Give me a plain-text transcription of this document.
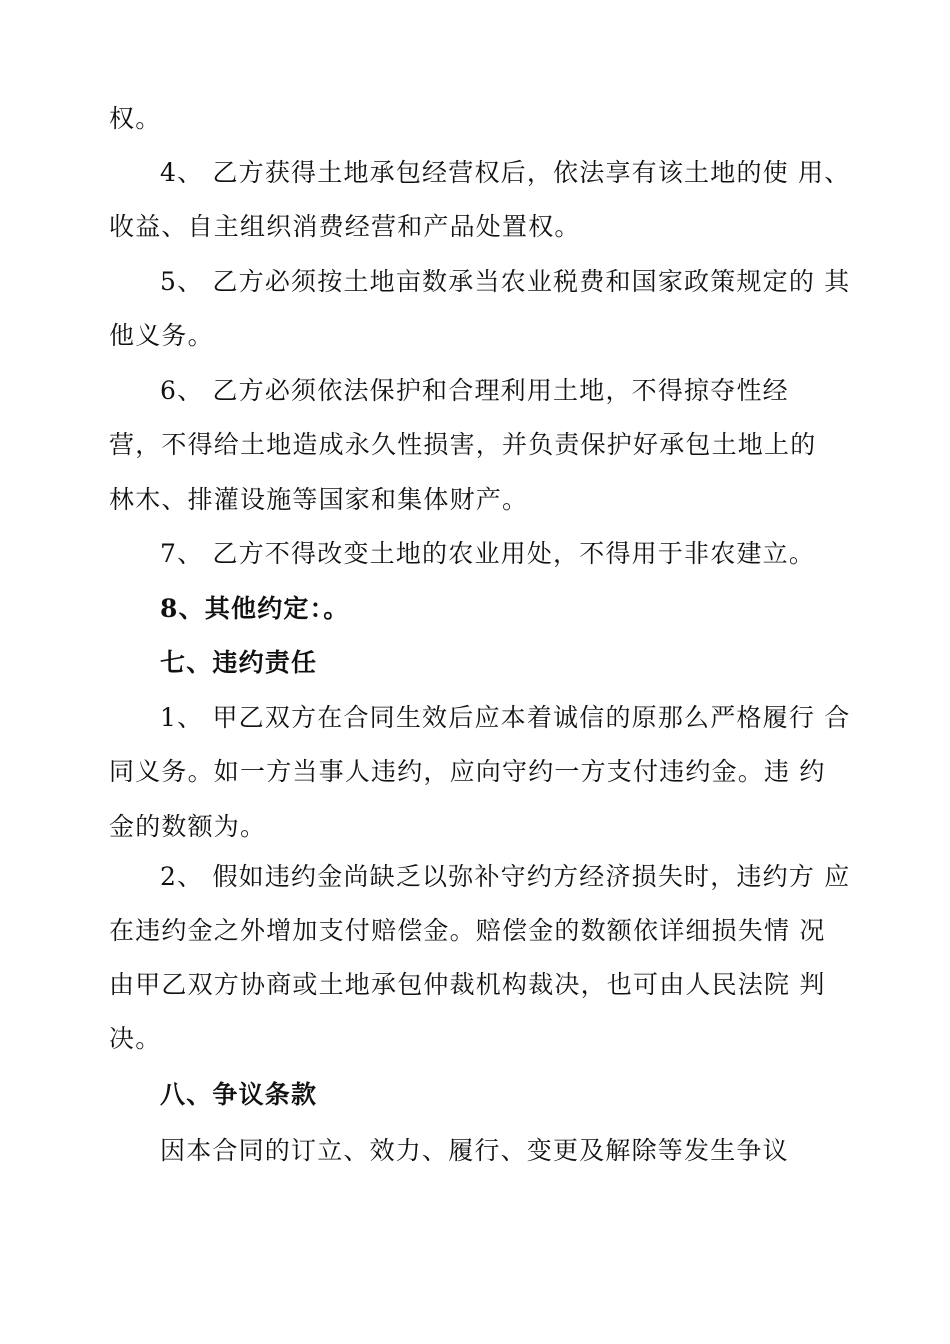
权。
4、 乙方获得土地承包经营权后，依法享有该土地的使 用、
收益、自主组织消费经营和产品处置权。
5、 乙方必须按土地亩数承当农业税费和国家政策规定的 其
他义务。
6、 乙方必须依法保护和合理利用土地，不得掠夺性经
营，不得给土地造成永久性损害，并负责保护好承包土地上的
林木、排灌设施等国家和集体财产。
7、 乙方不得改变土地的农业用处，不得用于非农建立。
8、其他约定：。
七、违约责任
1、 甲乙双方在合同生效后应本着诚信的原那么严格履行 合
同义务。如一方当事人违约，应向守约一方支付违约金。违 约
金的数额为。
2、 假如违约金尚缺乏以弥补守约方经济损失时，违约方 应
在违约金之外增加支付赔偿金。赔偿金的数额依详细损失情 况
由甲乙双方协商或土地承包仲裁机构裁决，也可由人民法院 判
决。
八、争议条款
因本合同的订立、效力、履行、变更及解除等发生争议
